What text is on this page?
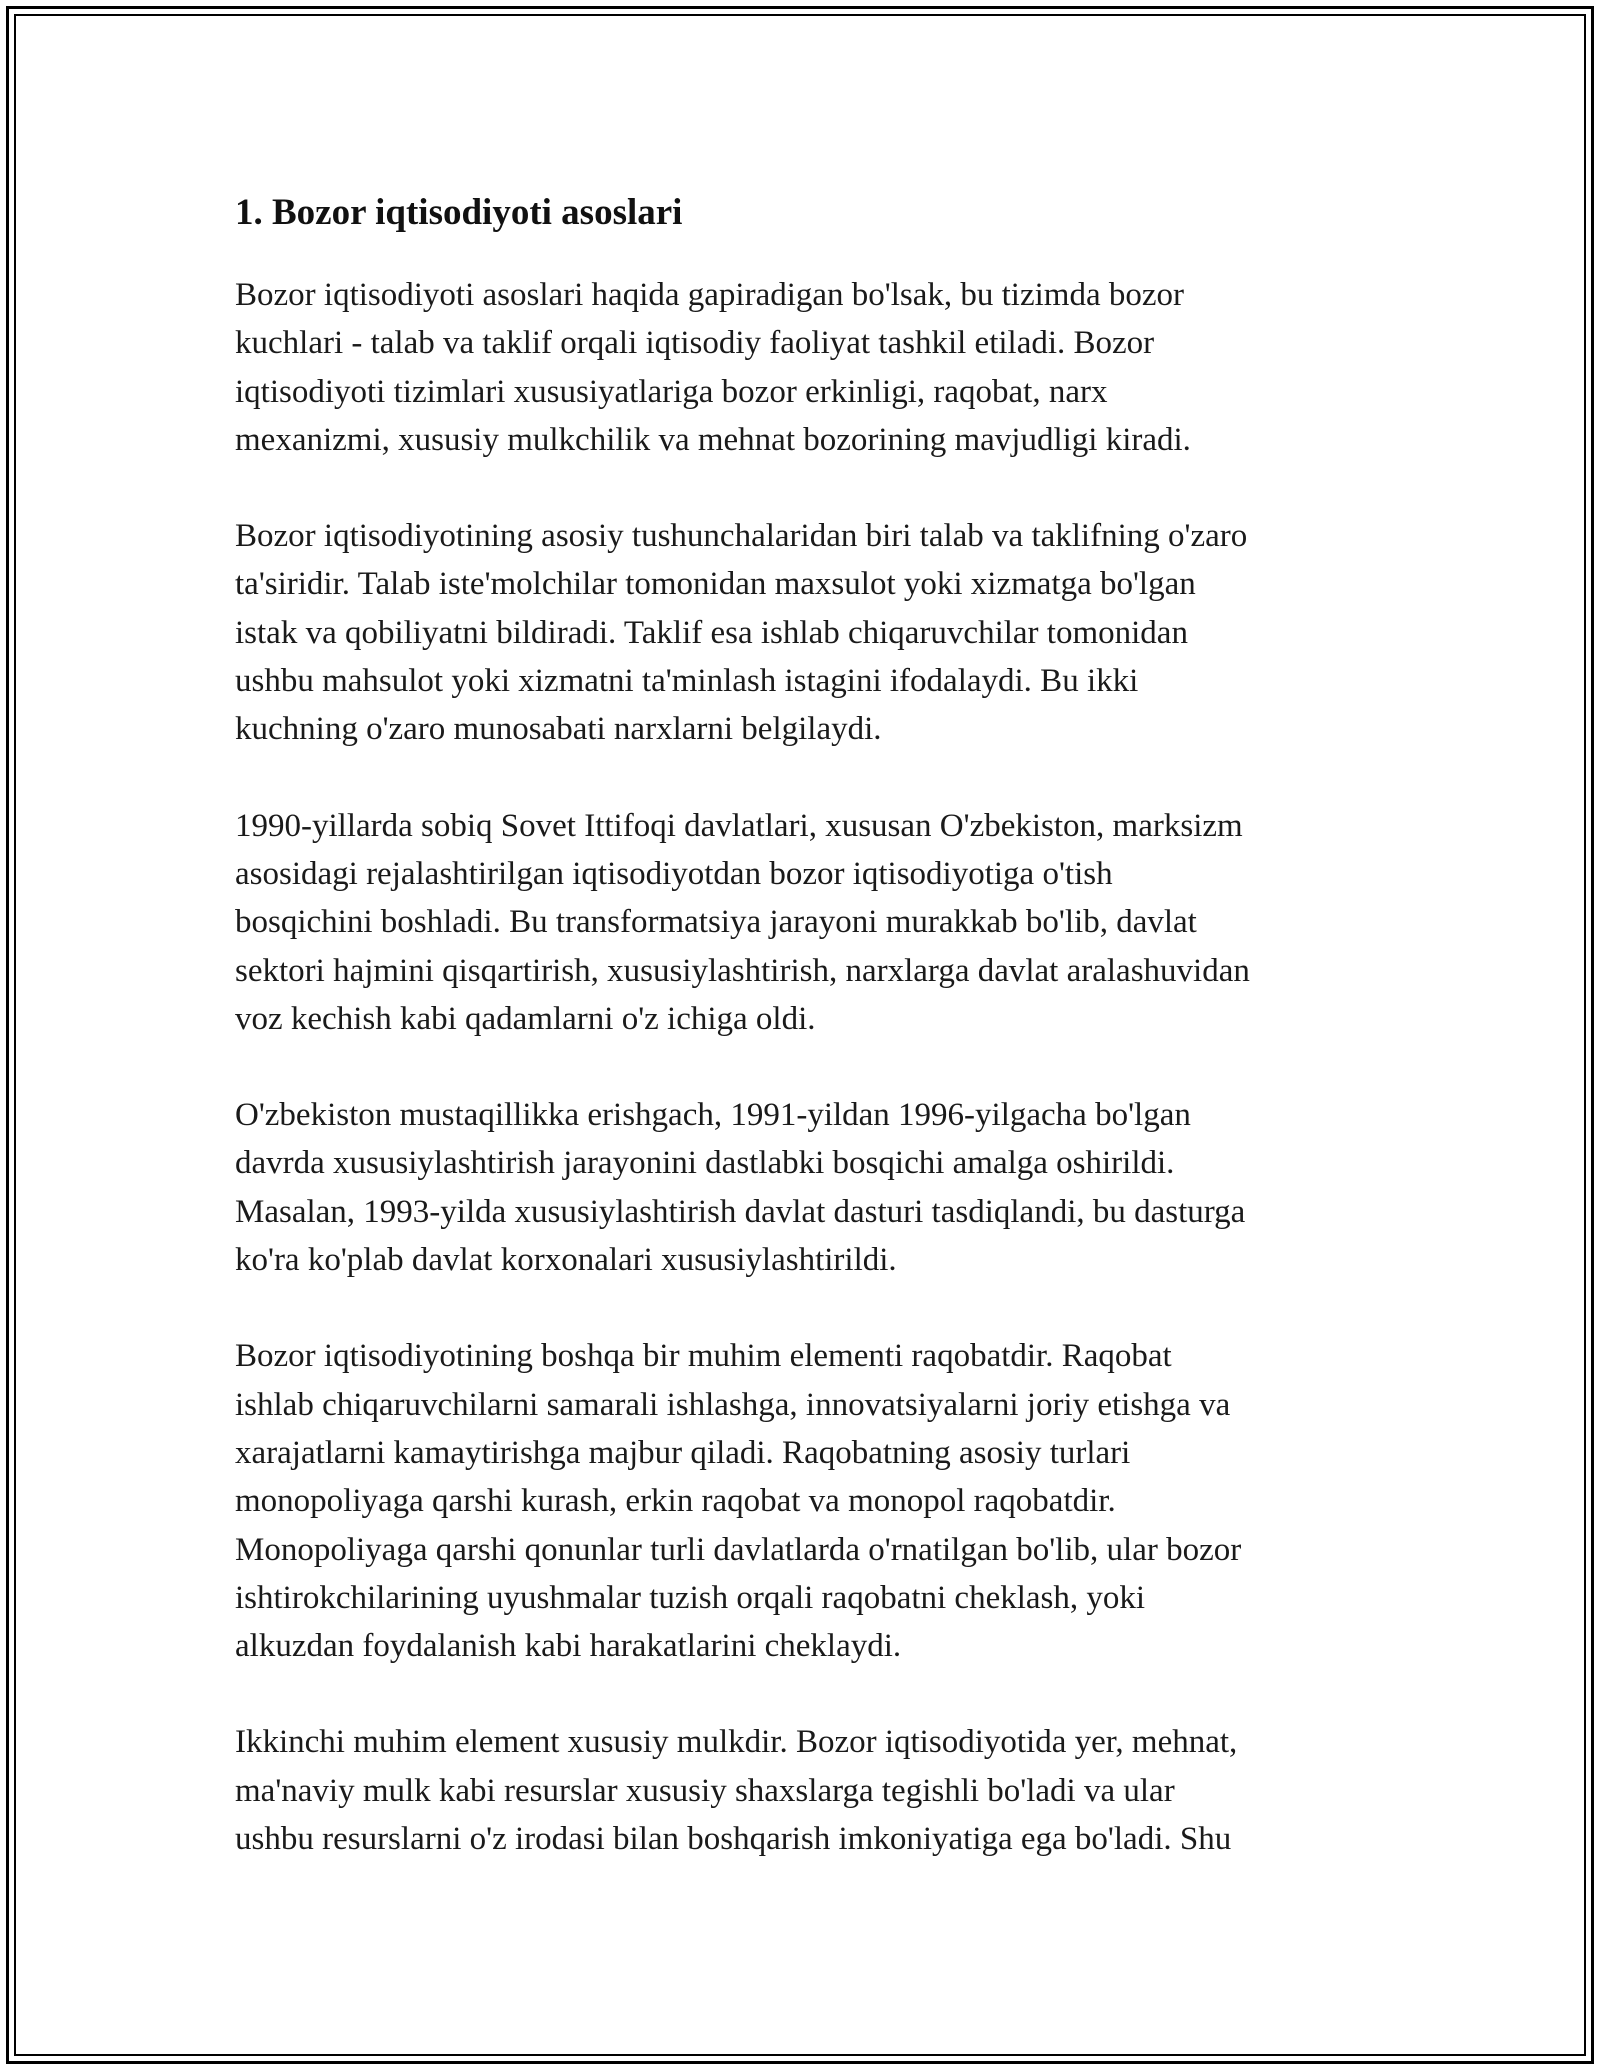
1. Bozor iqtisodiyoti asoslari

Bozor iqtisodiyoti asoslari haqida gapiradigan bo'lsak, bu tizimda bozor
kuchlari - talab va taklif orqali iqtisodiy faoliyat tashkil etiladi. Bozor
iqtisodiyoti tizimlari xususiyatlariga bozor erkinligi, raqobat, narx
mexanizmi, xususiy mulkchilik va mehnat bozorining mavjudligi kiradi.

Bozor iqtisodiyotining asosiy tushunchalaridan biri talab va taklifning o'zaro
ta'siridir. Talab iste'molchilar tomonidan maxsulot yoki xizmatga bo'lgan
istak va qobiliyatni bildiradi. Taklif esa ishlab chiqaruvchilar tomonidan
ushbu mahsulot yoki xizmatni ta'minlash istagini ifodalaydi. Bu ikki
kuchning o'zaro munosabati narxlarni belgilaydi.

1990-yillarda sobiq Sovet Ittifoqi davlatlari, xususan O'zbekiston, marksizm
asosidagi rejalashtirilgan iqtisodiyotdan bozor iqtisodiyotiga o'tish
bosqichini boshladi. Bu transformatsiya jarayoni murakkab bo'lib, davlat
sektori hajmini qisqartirish, xususiylashtirish, narxlarga davlat aralashuvidan
voz kechish kabi qadamlarni o'z ichiga oldi.

O'zbekiston mustaqillikka erishgach, 1991-yildan 1996-yilgacha bo'lgan
davrda xususiylashtirish jarayonini dastlabki bosqichi amalga oshirildi.
Masalan, 1993-yilda xususiylashtirish davlat dasturi tasdiqlandi, bu dasturga
ko'ra ko'plab davlat korxonalari xususiylashtirildi.

Bozor iqtisodiyotining boshqa bir muhim elementi raqobatdir. Raqobat
ishlab chiqaruvchilarni samarali ishlashga, innovatsiyalarni joriy etishga va
xarajatlarni kamaytirishga majbur qiladi. Raqobatning asosiy turlari
monopoliyaga qarshi kurash, erkin raqobat va monopol raqobatdir.
Monopoliyaga qarshi qonunlar turli davlatlarda o'rnatilgan bo'lib, ular bozor
ishtirokchilarining uyushmalar tuzish orqali raqobatni cheklash, yoki
alkuzdan foydalanish kabi harakatlarini cheklaydi.

Ikkinchi muhim element xususiy mulkdir. Bozor iqtisodiyotida yer, mehnat,
ma'naviy mulk kabi resurslar xususiy shaxslarga tegishli bo'ladi va ular
ushbu resurslarni o'z irodasi bilan boshqarish imkoniyatiga ega bo'ladi. Shu
